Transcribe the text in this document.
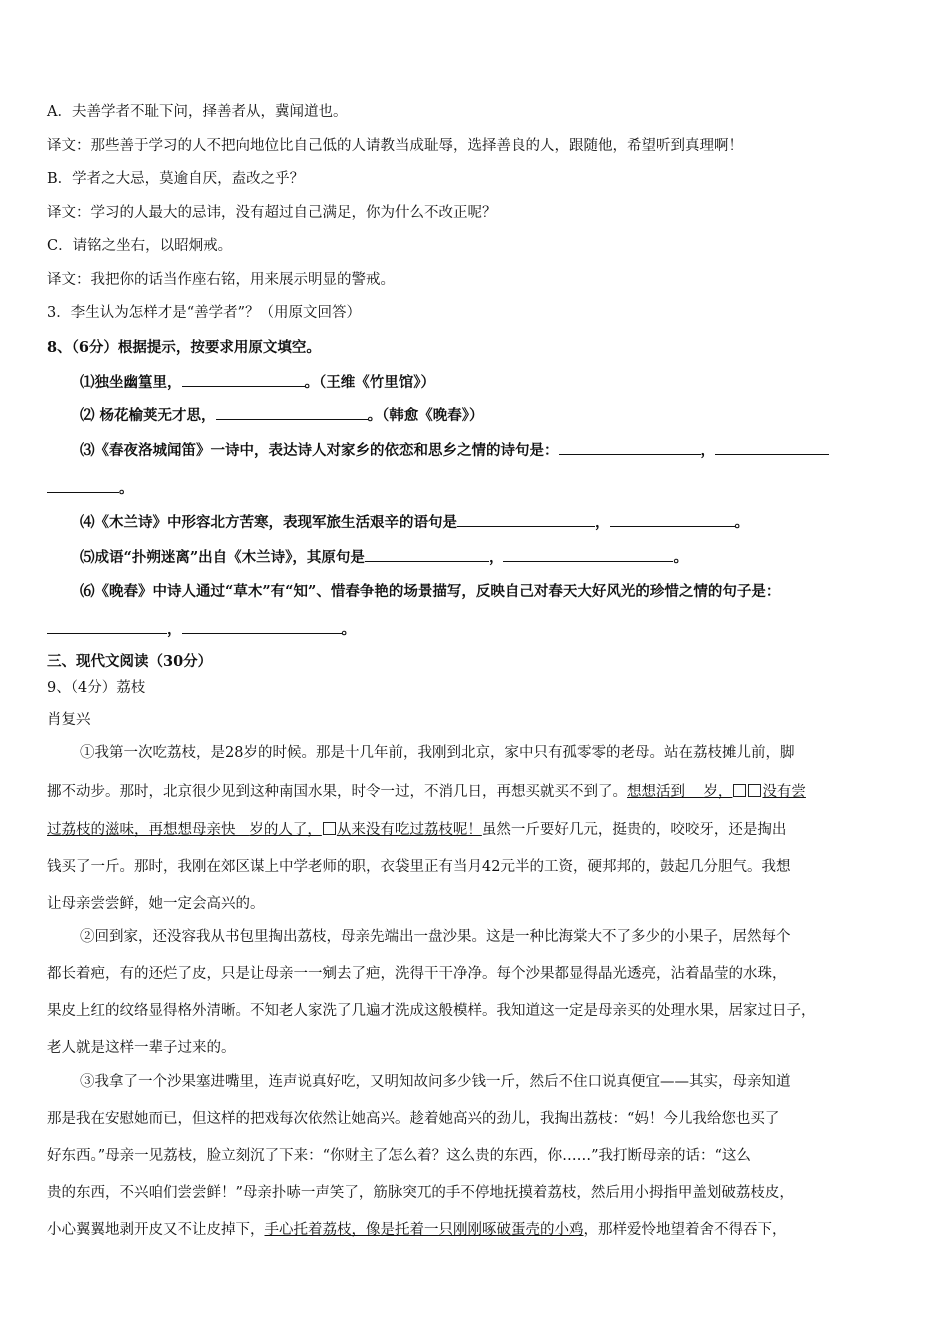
A．夫善学者不耻下问，择善者从，冀闻道也。
译文：那些善于学习的人不把向地位比自己低的人请教当成耻辱，选择善良的人，跟随他，希望听到真理啊！
B．学者之大忌，莫逾自厌，盍改之乎？
译文：学习的人最大的忌讳，没有超过自己满足，你为什么不改正呢？
C．请铭之坐右，以昭炯戒。
译文：我把你的话当作座右铭，用来展示明显的警戒。
3．李生认为怎样才是“善学者”？（用原文回答）
8、（6分）根据提示，按要求用原文填空。
⑴独坐幽篁里，	。（王维《竹里馆》）
⑵ 杨花榆荚无才思，	。（韩愈《晚春》）
⑶《春夜洛城闻笛》一诗中，表达诗人对家乡的依恋和思乡之情的诗句是：	，
。
⑷《木兰诗》中形容北方苦寒，表现军旅生活艰辛的语句是	，	。
⑸成语“扑朔迷离”出自《木兰诗》，其原句是	，	。
⑹《晚春》中诗人通过“草木”有“知”、惜春争艳的场景描写，反映自己对春天大好风光的珍惜之情的句子是：
，	。
三、现代文阅读（30分）
9、（4分）荔枝
肖复兴
①我第一次吃荔枝，是28岁的时候。那是十几年前，我刚到北京，家中只有孤零零的老母。站在荔枝摊儿前，脚
挪不动步。那时，北京很少见到这种南国水果，时令一过，不消几日，再想买就买不到了。想想活到 岁， 没有尝
过荔枝的滋味，再想想母亲快 岁的人了， 从来没有吃过荔枝呢！虽然一斤要好几元，挺贵的，咬咬牙，还是掏出
钱买了一斤。那时，我刚在郊区谋上中学老师的职，衣袋里正有当月42元半的工资，硬邦邦的，鼓起几分胆气。我想
让母亲尝尝鲜，她一定会高兴的。
②回到家，还没容我从书包里掏出荔枝，母亲先端出一盘沙果。这是一种比海棠大不了多少的小果子，居然每个
都长着疤，有的还烂了皮，只是让母亲一一剜去了疤，洗得干干净净。每个沙果都显得晶光透亮，沾着晶莹的水珠，
果皮上红的纹络显得格外清晰。不知老人家洗了几遍才洗成这般模样。我知道这一定是母亲买的处理水果，居家过日子，
老人就是这样一辈子过来的。
③我拿了一个沙果塞进嘴里，连声说真好吃，又明知故问多少钱一斤，然后不住口说真便宜——其实，母亲知道
那是我在安慰她而已，但这样的把戏每次依然让她高兴。趁着她高兴的劲儿，我掏出荔枝：“妈！今儿我给您也买了
好东西。”母亲一见荔枝，脸立刻沉了下来：“你财主了怎么着？这么贵的东西，你……”我打断母亲的话：“这么
贵的东西，不兴咱们尝尝鲜！”母亲扑哧一声笑了，筋脉突兀的手不停地抚摸着荔枝，然后用小拇指甲盖划破荔枝皮，
小心翼翼地剥开皮又不让皮掉下，手心托着荔枝，像是托着一只刚刚啄破蛋壳的小鸡，那样爱怜地望着舍不得吞下，
